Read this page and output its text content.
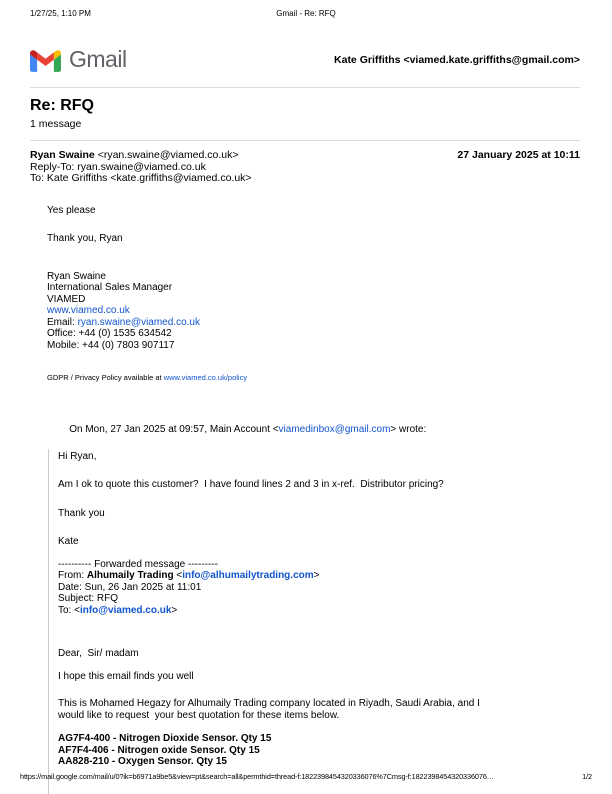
1/27/25, 1:10 PM	Gmail - Re: RFQ
Gmail	Kate Griffiths <viamed.kate.griffiths@gmail.com>
Re: RFQ
1 message
Ryan Swaine <ryan.swaine@viamed.co.uk>	27 January 2025 at 10:11
Reply-To: ryan.swaine@viamed.co.uk
To: Kate Griffiths <kate.griffiths@viamed.co.uk>

Yes please

Thank you, Ryan

Ryan Swaine
International Sales Manager
VIAMED
www.viamed.co.uk
Email: ryan.swaine@viamed.co.uk
Office: +44 (0) 1535 634542
Mobile: +44 (0) 7803 907117
GDPR / Privacy Policy available at www.viamed.co.uk/policy

On Mon, 27 Jan 2025 at 09:57, Main Account <viamedinbox@gmail.com> wrote:

Hi Ryan,

Am I ok to quote this customer?  I have found lines 2 and 3 in x-ref.  Distributor pricing?

Thank you

Kate

---------- Forwarded message ---------
From: Alhumaily Trading <info@alhumailytrading.com>
Date: Sun, 26 Jan 2025 at 11:01
Subject: RFQ
To: <info@viamed.co.uk>

Dear,  Sir/ madam

I hope this email finds you well

This is Mohamed Hegazy for Alhumaily Trading company located in Riyadh, Saudi Arabia, and I would like to request  your best quotation for these items below.

AG7F4-400 - Nitrogen Dioxide Sensor. Qty 15
AF7F4-406 - Nitrogen oxide Sensor. Qty 15
AA828-210 - Oxygen Sensor. Qty 15
https://mail.google.com/mail/u/0?ik=b6971a9be5&view=pt&search=all&permthid=thread-f:1822398454320336076%7Cmsg-f:1822398454320336076…	1/2
